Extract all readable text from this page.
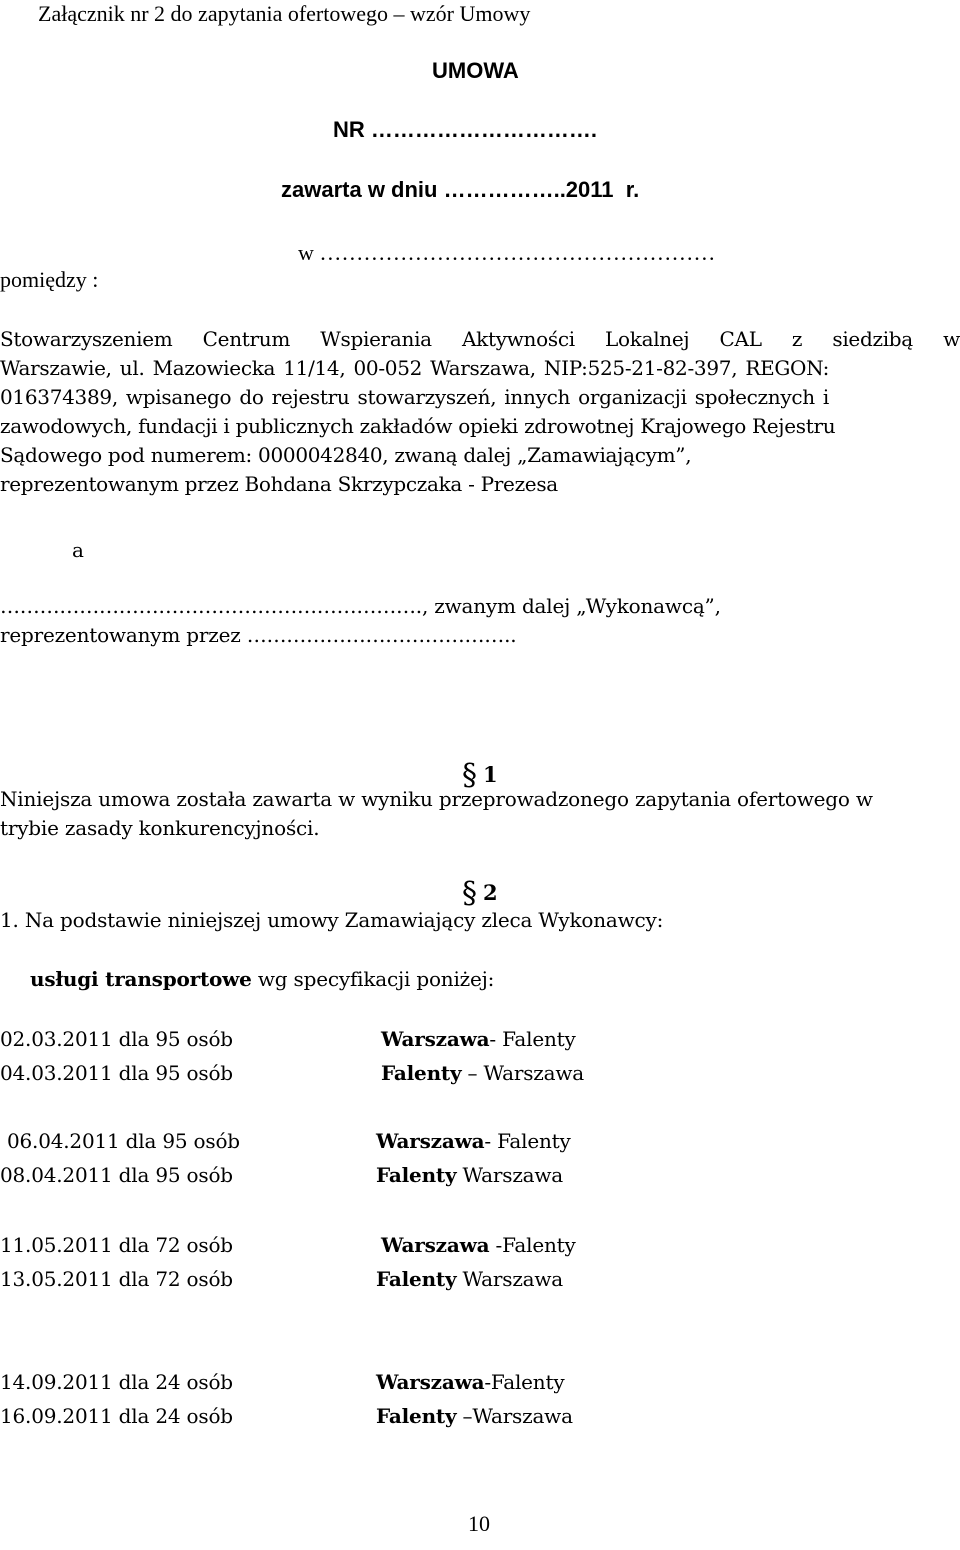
Załącznik nr 2 do zapytania ofertowego – wzór Umowy
UMOWA
NR ………………………….
zawarta w dniu ……………..2011  r.
w ………………………………………………
pomiędzy :
Stowarzyszeniem Centrum Wspierania Aktywności Lokalnej CAL z siedzibą w
Warszawie, ul. Mazowiecka 11/14, 00-052 Warszawa, NIP:525-21-82-397, REGON:
016374389, wpisanego do rejestru stowarzyszeń, innych organizacji społecznych i
zawodowych, fundacji i publicznych zakładów opieki zdrowotnej Krajowego Rejestru
Sądowego pod numerem: 0000042840, zwaną dalej „Zamawiającym”,
reprezentowanym przez Bohdana Skrzypczaka - Prezesa
a
………………………………………………………., zwanym dalej „Wykonawcą”,
reprezentowanym przez …………………………………..
§ 1
Niniejsza umowa została zawarta w wyniku przeprowadzonego zapytania ofertowego w
trybie zasady konkurencyjności.
§ 2
1. Na podstawie niniejszej umowy Zamawiający zleca Wykonawcy:
usługi transportowe wg specyfikacji poniżej:
02.03.2011 dla 95 osób	Warszawa- Falenty
04.03.2011 dla 95 osób	Falenty – Warszawa
06.04.2011 dla 95 osób	Warszawa- Falenty
08.04.2011 dla 95 osób	Falenty Warszawa
11.05.2011 dla 72 osób	Warszawa -Falenty
13.05.2011 dla 72 osób	Falenty Warszawa
14.09.2011 dla 24 osób	Warszawa-Falenty
16.09.2011 dla 24 osób	Falenty –Warszawa
10
